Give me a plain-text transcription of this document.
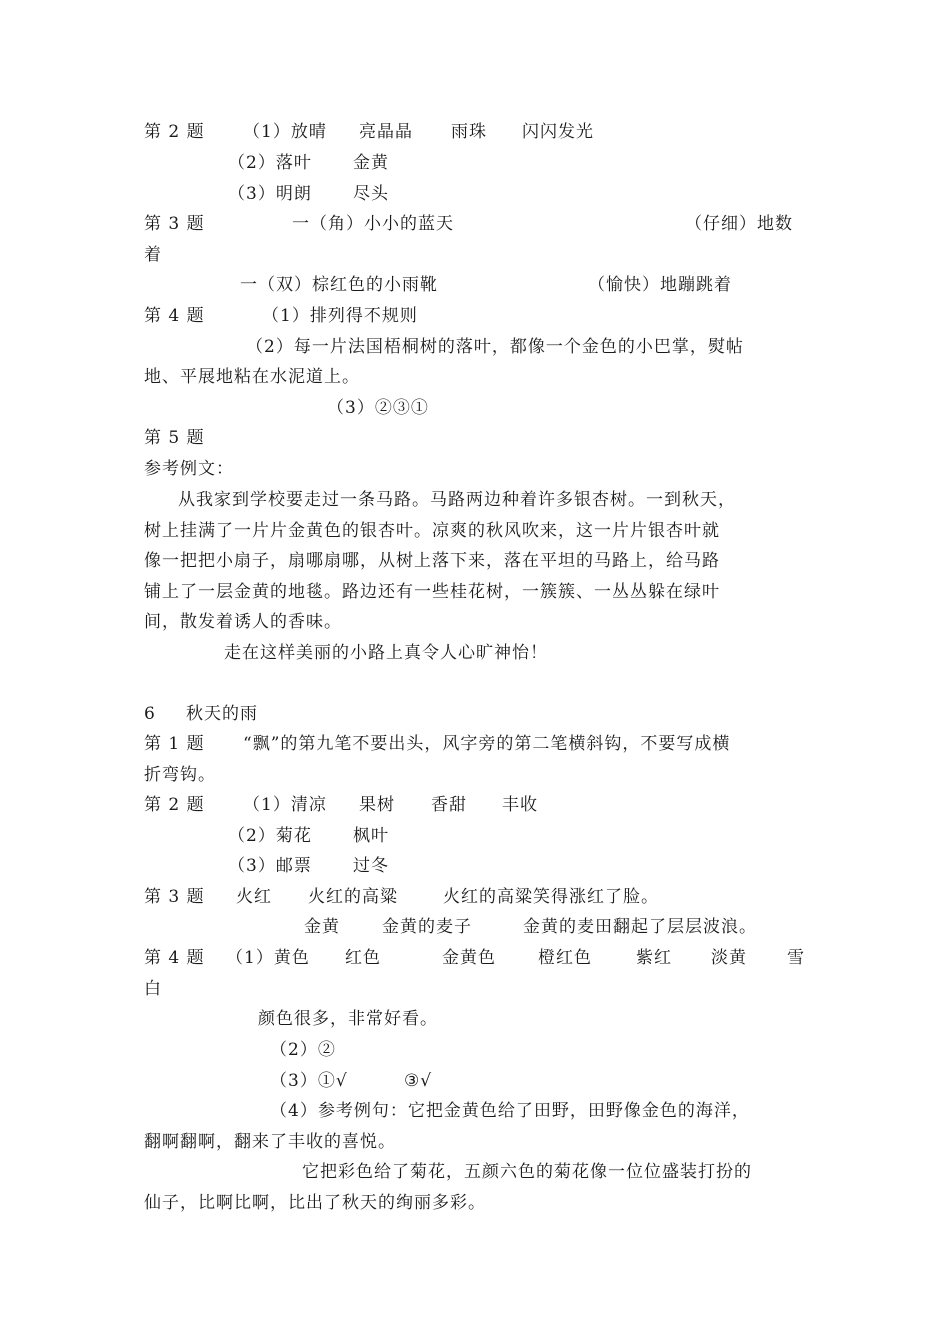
第 2 题 （1）放晴 亮晶晶 雨珠 闪闪发光
（2）落叶 金黄
（3）明朗 尽头
第 3 题	一（角）小小的蓝天	（仔细）地数
着
一（双）棕红色的小雨靴	（愉快）地蹦跳着
第 4 题	（1）排列得不规则
（2）每一片法国梧桐树的落叶，都像一个金色的小巴掌，熨帖
地、平展地粘在水泥道上。
（3）②③①
第 5 题
参考例文：
从我家到学校要走过一条马路。马路两边种着许多银杏树。一到秋天，
树上挂满了一片片金黄色的银杏叶。凉爽的秋风吹来，这一片片银杏叶就
像一把把小扇子，扇哪扇哪，从树上落下来，落在平坦的马路上，给马路
铺上了一层金黄的地毯。路边还有一些桂花树，一簇簇、一丛丛躲在绿叶
间，散发着诱人的香味。
走在这样美丽的小路上真令人心旷神怡！
6 秋天的雨
第 1 题 “飘”的第九笔不要出头，风字旁的第二笔横斜钩，不要写成横
折弯钩。
第 2 题 （1）清凉 果树 香甜 丰收
（2）菊花 枫叶
（3）邮票 过冬
第 3 题 火红 火红的高粱	火红的高粱笑得涨红了脸。
金黄 金黄的麦子	金黄的麦田翻起了层层波浪。
第 4 题 （1）黄色 红色	金黄色 橙红色	紫红 淡黄 雪
白
颜色很多，非常好看。
（2）②
（3）①√	③√
（4）参考例句：它把金黄色给了田野，田野像金色的海洋，
翻啊翻啊，翻来了丰收的喜悦。
它把彩色给了菊花，五颜六色的菊花像一位位盛装打扮的
仙子，比啊比啊，比出了秋天的绚丽多彩。
